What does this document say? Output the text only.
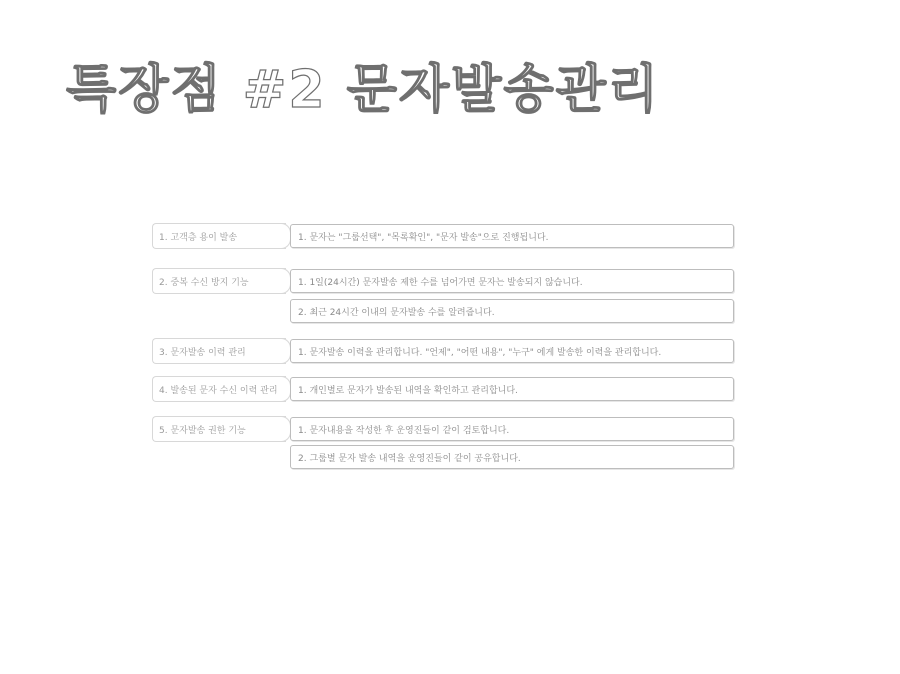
특장점 #2 문자발송관리
1. 고객층 용이 발송	1. 문자는 "그룹선택", "목록확인", "문자 발송"으로 진행됩니다.
2. 중복 수신 방지 기능	1. 1일(24시간) 문자발송 제한 수를 넘어가면 문자는 발송되지 않습니다.
2. 최근 24시간 이내의 문자발송 수를 알려줍니다.
3. 문자발송 이력 관리	1. 문자발송 이력을 관리합니다. "언제", "어떤 내용", "누구" 에게 발송한 이력을 관리합니다.
4. 발송된 문자 수신 이력 관리 1. 개인별로 문자가 발송된 내역을 확인하고 관리합니다.
5. 문자발송 권한 기능	1. 문자내용을 작성한 후 운영진들이 같이 검토합니다.
2. 그룹별 문자 발송 내역을 운영진들이 같이 공유합니다.
